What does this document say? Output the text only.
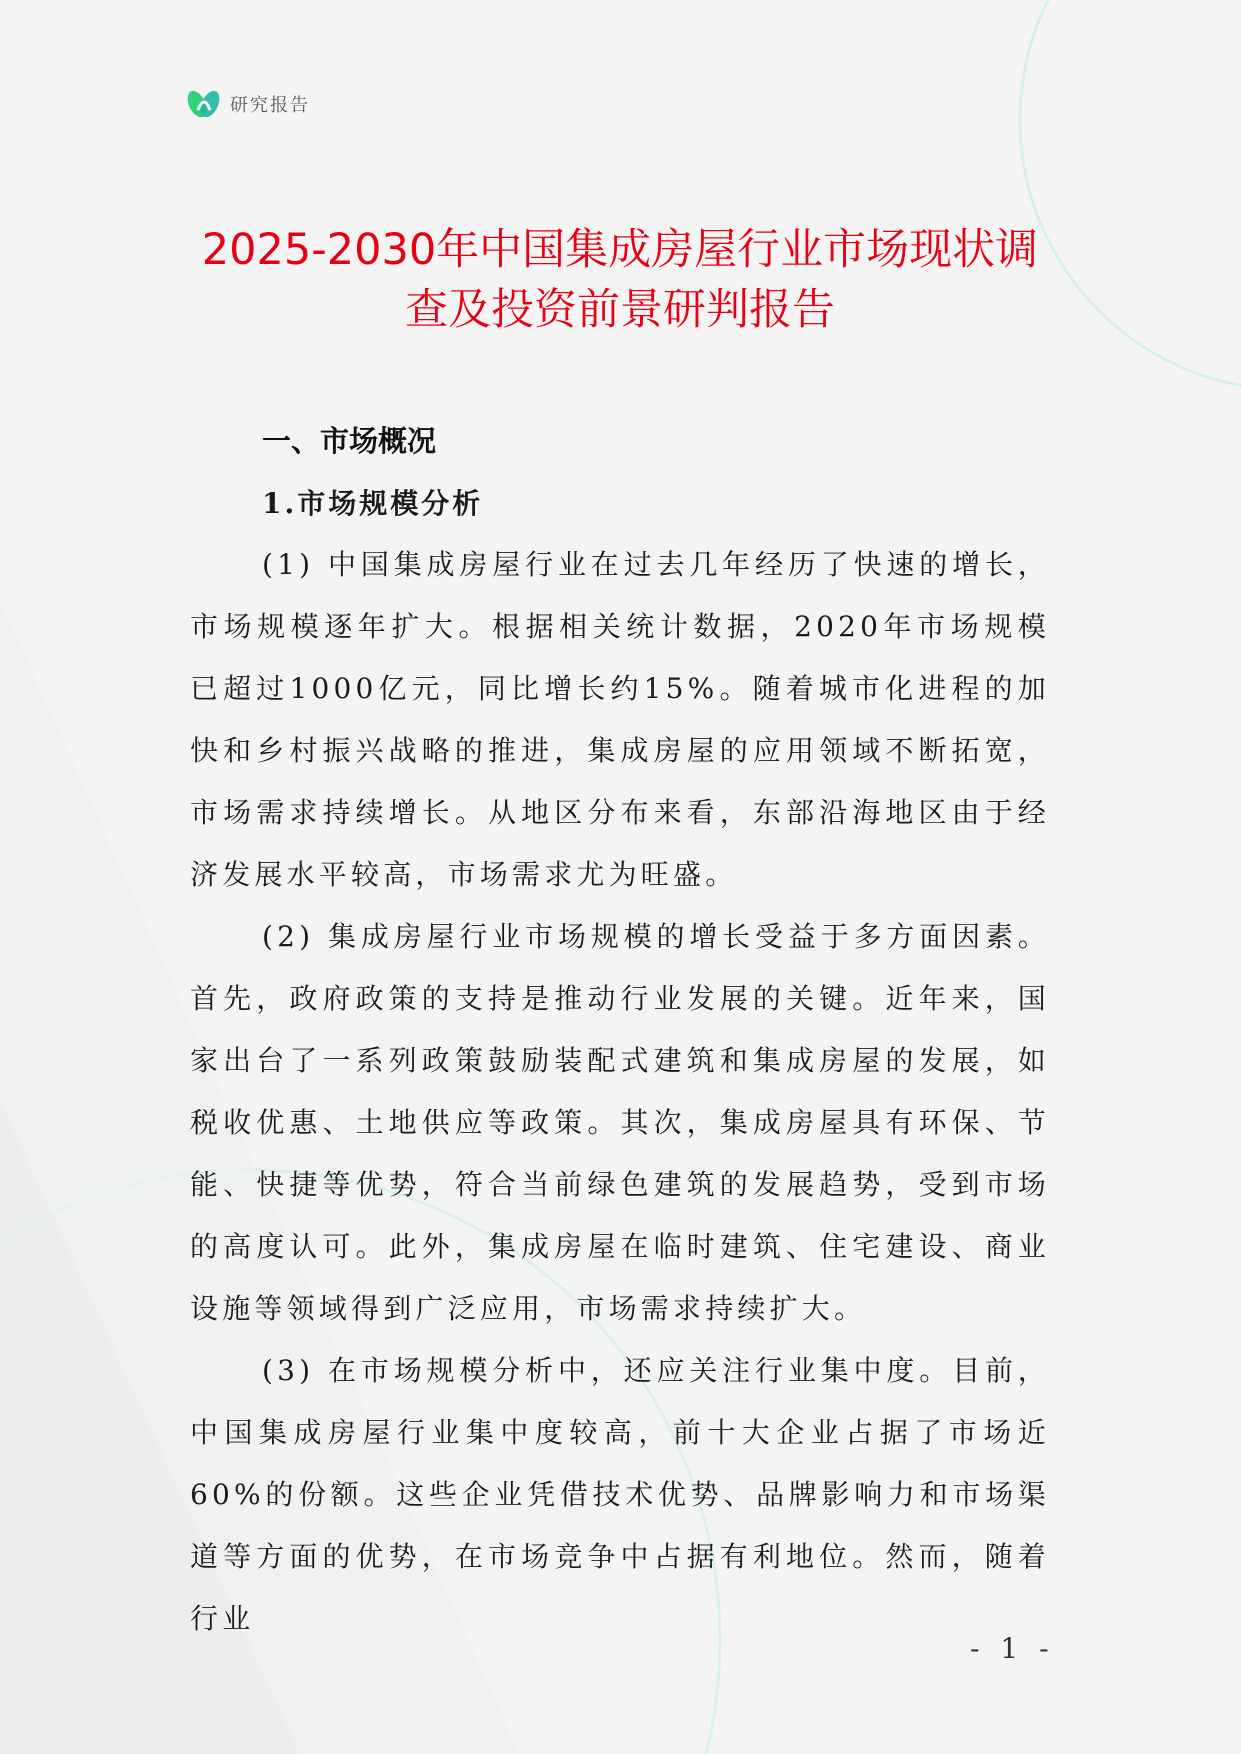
研究报告
2025-2030年中国集成房屋行业市场现状调
查及投资前景研判报告
一、市场概况
1.市场规模分析

(1) 中国集成房屋行业在过去几年经历了快速的增长，市场规模逐年扩大。根据相关统计数据，2020年市场规模已超过1000亿元，同比增长约15%。随着城市化进程的加快和乡村振兴战略的推进，集成房屋的应用领域不断拓宽，市场需求持续增长。从地区分布来看，东部沿海地区由于经济发展水平较高，市场需求尤为旺盛。

(2) 集成房屋行业市场规模的增长受益于多方面因素。首先，政府政策的支持是推动行业发展的关键。近年来，国家出台了一系列政策鼓励装配式建筑和集成房屋的发展，如税收优惠、土地供应等政策。其次，集成房屋具有环保、节能、快捷等优势，符合当前绿色建筑的发展趋势，受到市场的高度认可。此外，集成房屋在临时建筑、住宅建设、商业设施等领域得到广泛应用，市场需求持续扩大。

(3) 在市场规模分析中，还应关注行业集中度。目前，中国集成房屋行业集中度较高，前十大企业占据了市场近60%的份额。这些企业凭借技术优势、品牌影响力和市场渠道等方面的优势，在市场竞争中占据有利地位。然而，随着行业

- 1 -
